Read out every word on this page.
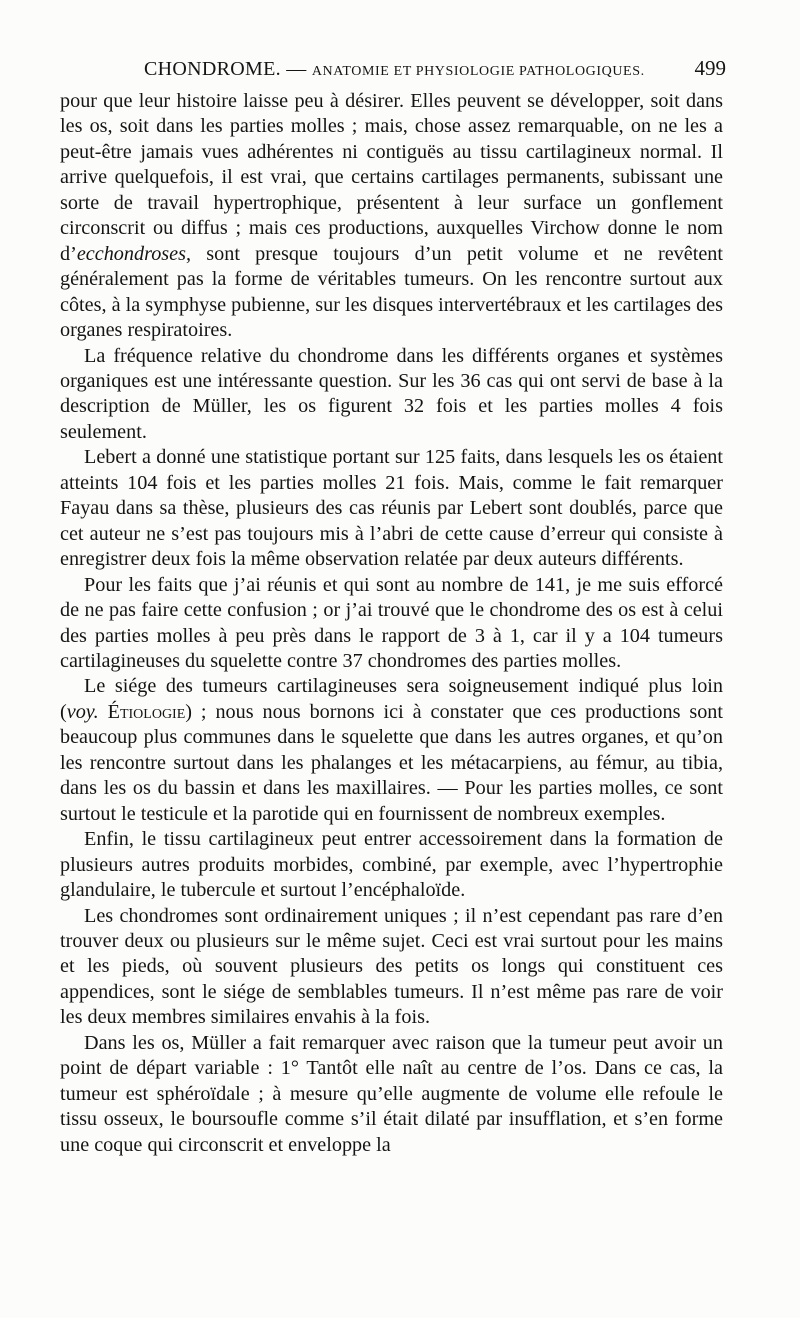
CHONDROME. — ANATOMIE ET PHYSIOLOGIE PATHOLOGIQUES. 499

pour que leur histoire laisse peu à désirer. Elles peuvent se développer, soit dans les os, soit dans les parties molles ; mais, chose assez remarquable, on ne les a peut-être jamais vues adhérentes ni contiguës au tissu cartilagineux normal. Il arrive quelquefois, il est vrai, que certains cartilages permanents, subissant une sorte de travail hypertrophique, présentent à leur surface un gonflement circonscrit ou diffus ; mais ces productions, auxquelles Virchow donne le nom d’ecchondroses, sont presque toujours d’un petit volume et ne revêtent généralement pas la forme de véritables tumeurs. On les rencontre surtout aux côtes, à la symphyse pubienne, sur les disques intervertébraux et les cartilages des organes respiratoires.

La fréquence relative du chondrome dans les différents organes et systèmes organiques est une intéressante question. Sur les 36 cas qui ont servi de base à la description de Müller, les os figurent 32 fois et les parties molles 4 fois seulement.

Lebert a donné une statistique portant sur 125 faits, dans lesquels les os étaient atteints 104 fois et les parties molles 21 fois. Mais, comme le fait remarquer Fayau dans sa thèse, plusieurs des cas réunis par Lebert sont doublés, parce que cet auteur ne s’est pas toujours mis à l’abri de cette cause d’erreur qui consiste à enregistrer deux fois la même observation relatée par deux auteurs différents.

Pour les faits que j’ai réunis et qui sont au nombre de 141, je me suis efforcé de ne pas faire cette confusion ; or j’ai trouvé que le chondrome des os est à celui des parties molles à peu près dans le rapport de 3 à 1, car il y a 104 tumeurs cartilagineuses du squelette contre 37 chondromes des parties molles.

Le siége des tumeurs cartilagineuses sera soigneusement indiqué plus loin (voy. Étiologie) ; nous nous bornons ici à constater que ces productions sont beaucoup plus communes dans le squelette que dans les autres organes, et qu’on les rencontre surtout dans les phalanges et les métacarpiens, au fémur, au tibia, dans les os du bassin et dans les maxillaires. — Pour les parties molles, ce sont surtout le testicule et la parotide qui en fournissent de nombreux exemples.

Enfin, le tissu cartilagineux peut entrer accessoirement dans la formation de plusieurs autres produits morbides, combiné, par exemple, avec l’hypertrophie glandulaire, le tubercule et surtout l’encéphaloïde.

Les chondromes sont ordinairement uniques ; il n’est cependant pas rare d’en trouver deux ou plusieurs sur le même sujet. Ceci est vrai surtout pour les mains et les pieds, où souvent plusieurs des petits os longs qui constituent ces appendices, sont le siége de semblables tumeurs. Il n’est même pas rare de voir les deux membres similaires envahis à la fois.

Dans les os, Müller a fait remarquer avec raison que la tumeur peut avoir un point de départ variable : 1° Tantôt elle naît au centre de l’os. Dans ce cas, la tumeur est sphéroïdale ; à mesure qu’elle augmente de volume elle refoule le tissu osseux, le boursoufle comme s’il était dilaté par insufflation, et s’en forme une coque qui circonscrit et enveloppe la
